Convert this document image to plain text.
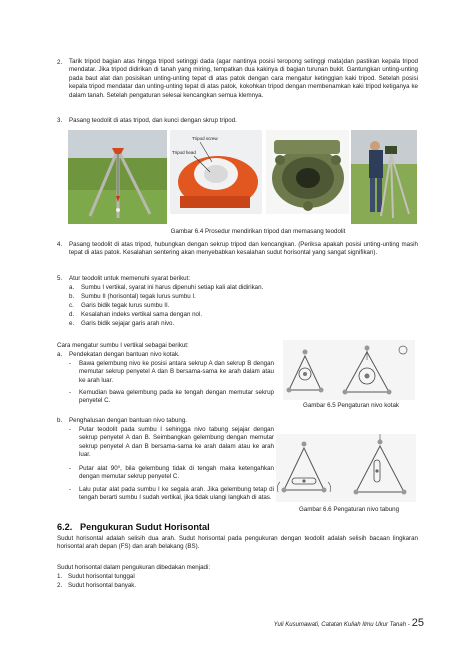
2. Tarik tripod bagian atas hingga tripod setinggi dada (agar nantinya posisi teropong setinggi mata)dan pastikan kepala tripod mendatar. Jika tripod didirikan di tanah yang miring, tempatkan dua kakinya di bagian turunan bukit. Gantungkan unting-unting pada baut alat dan posisikan unting-unting tepat di atas patok dengan cara mengatur ketinggian kaki tripod. Setelah posisi kepala tripod mendatar dan unting-unting tepat di atas patok, kokohkan tripod dengan membenamkan kaki tripod ketiganya ke dalam tanah. Setelah pengaturan selesai kencangkan semua klemnya.
3. Pasang teodolit di atas tripod, dan kunci dengan skrup tripod.
Tripod screw
Tripod head
Gambar 6.4 Prosedur mendirikan tripod dan memasang teodolit
4. Pasang teodolit di atas tripod, hubungkan dengan sekrup tripod dan kencangkan. (Periksa apakah posisi unting-unting masih tepat di atas patok. Kesalahan sentering akan menyebabkan kesalahan sudut horisontal yang sangat signifikan).
5. Atur teodolit untuk memenuhi syarat berikut:
a. Sumbu I vertikal, syarat ini harus dipenuhi setiap kali alat didirikan.
b. Sumbu II (horisontal) tegak lurus sumbu I.
c. Garis bidik tegak lurus sumbu II.
d. Kesalahan indeks vertikal sama dengan nol.
e. Garis bidik sejajar garis arah nivo.
Cara mengatur sumbu I vertikal sebagai berikut:
a. Pendekatan dengan bantuan nivo kotak.
- Bawa gelembung nivo ke posisi antara sekrup A dan sekrup B dengan memutar sekrup penyetel A dan B bersama-sama ke arah dalam atau ke arah luar.
- Kemudian bawa gelembung pada ke tengah dengan memutar sekrup penyetel C.
Gambar 6.5 Pengaturan nivo kotak
b. Penghalusan dengan bantuan nivo tabung.
- Putar teodolit pada sumbu I sehingga nivo tabung sejajar dengan sekrup penyetel A dan B. Seimbangkan gelembung dengan memutar sekrup penyetel A dan B bersama-sama ke arah dalam atau ke arah luar.
- Putar alat 90⁰, bila gelembung tidak di tengah maka ketengahkan dengan memutar sekrup penyetel C.
- Lalu putar alat pada sumbu I ke segala arah. Jika gelembung tetap di tengah berarti sumbu I sudah vertikal, jika tidak ulangi langkah di atas.
Gambar 6.6 Pengaturan nivo tabung
6.2. Pengukuran Sudut Horisontal
Sudut horisontal adalah selisih dua arah. Sudut horisontal pada pengukuran dengan teodolit adalah selisih bacaan lingkaran horisontal arah depan (FS) dan arah belakang (BS).
Sudut horisontal dalam pengukuran dibedakan menjadi:
1. Sudut horisontal tunggal
2. Sudut horisontal banyak.
Yuli Kusumawati, Catatan Kuliah Ilmu Ukur Tanah - 25
